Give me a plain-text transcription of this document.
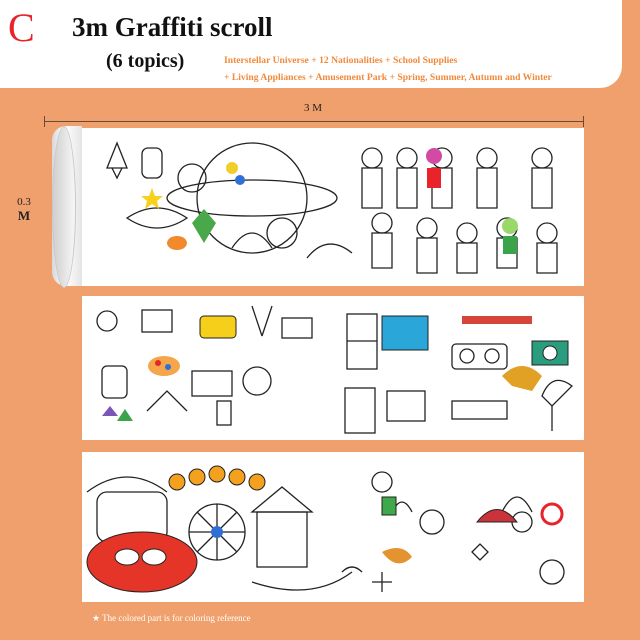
C 3m Graffiti scroll
(6 topics)	Interstellar Universe + 12 Nationalities + School Supplies
+ Living Appliances + Amusement Park + Spring, Summer, Autumn and Winter
3 M
0.3
M
★ The colored part is for coloring reference
